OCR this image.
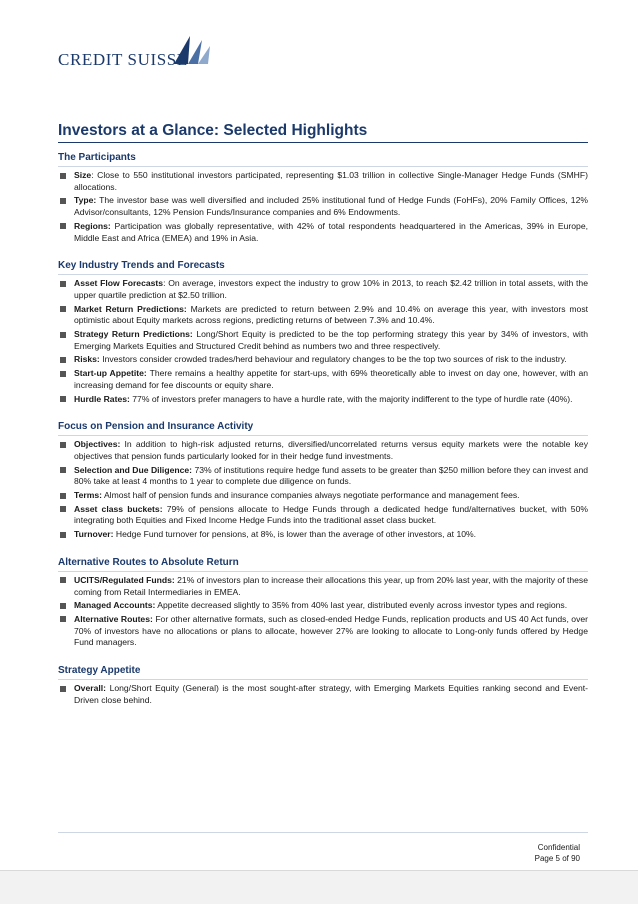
CREDIT SUISSE
Investors at a Glance: Selected Highlights
The Participants
Size: Close to 550 institutional investors participated, representing $1.03 trillion in collective Single-Manager Hedge Funds (SMHF) allocations.
Type: The investor base was well diversified and included 25% institutional fund of Hedge Funds (FoHFs), 20% Family Offices, 12% Advisor/consultants, 12% Pension Funds/Insurance companies and 6% Endowments.
Regions: Participation was globally representative, with 42% of total respondents headquartered in the Americas, 39% in Europe, Middle East and Africa (EMEA) and 19% in Asia.
Key Industry Trends and Forecasts
Asset Flow Forecasts: On average, investors expect the industry to grow 10% in 2013, to reach $2.42 trillion in total assets, with the upper quartile prediction at $2.50 trillion.
Market Return Predictions: Markets are predicted to return between 2.9% and 10.4% on average this year, with investors most optimistic about Equity markets across regions, predicting returns of between 7.3% and 10.4%.
Strategy Return Predictions: Long/Short Equity is predicted to be the top performing strategy this year by 34% of investors, with Emerging Markets Equities and Structured Credit behind as numbers two and three respectively.
Risks: Investors consider crowded trades/herd behaviour and regulatory changes to be the top two sources of risk to the industry.
Start-up Appetite: There remains a healthy appetite for start-ups, with 69% theoretically able to invest on day one, however, with an increasing demand for fee discounts or equity share.
Hurdle Rates: 77% of investors prefer managers to have a hurdle rate, with the majority indifferent to the type of hurdle rate (40%).
Focus on Pension and Insurance Activity
Objectives: In addition to high-risk adjusted returns, diversified/uncorrelated returns versus equity markets were the notable key objectives that pension funds particularly looked for in their hedge fund investments.
Selection and Due Diligence: 73% of institutions require hedge fund assets to be greater than $250 million before they can invest and 80% take at least 4 months to 1 year to complete due diligence on funds.
Terms: Almost half of pension funds and insurance companies always negotiate performance and management fees.
Asset class buckets: 79% of pensions allocate to Hedge Funds through a dedicated hedge fund/alternatives bucket, with 50% integrating both Equities and Fixed Income Hedge Funds into the traditional asset class bucket.
Turnover: Hedge Fund turnover for pensions, at 8%, is lower than the average of other investors, at 10%.
Alternative Routes to Absolute Return
UCITS/Regulated Funds: 21% of investors plan to increase their allocations this year, up from 20% last year, with the majority of these coming from Retail Intermediaries in EMEA.
Managed Accounts: Appetite decreased slightly to 35% from 40% last year, distributed evenly across investor types and regions.
Alternative Routes: For other alternative formats, such as closed-ended Hedge Funds, replication products and US 40 Act funds, over 70% of investors have no allocations or plans to allocate, however 27% are looking to allocate to Long-only funds offered by Hedge Fund managers.
Strategy Appetite
Overall: Long/Short Equity (General) is the most sought-after strategy, with Emerging Markets Equities ranking second and Event-Driven close behind.
Confidential
Page 5 of 90
